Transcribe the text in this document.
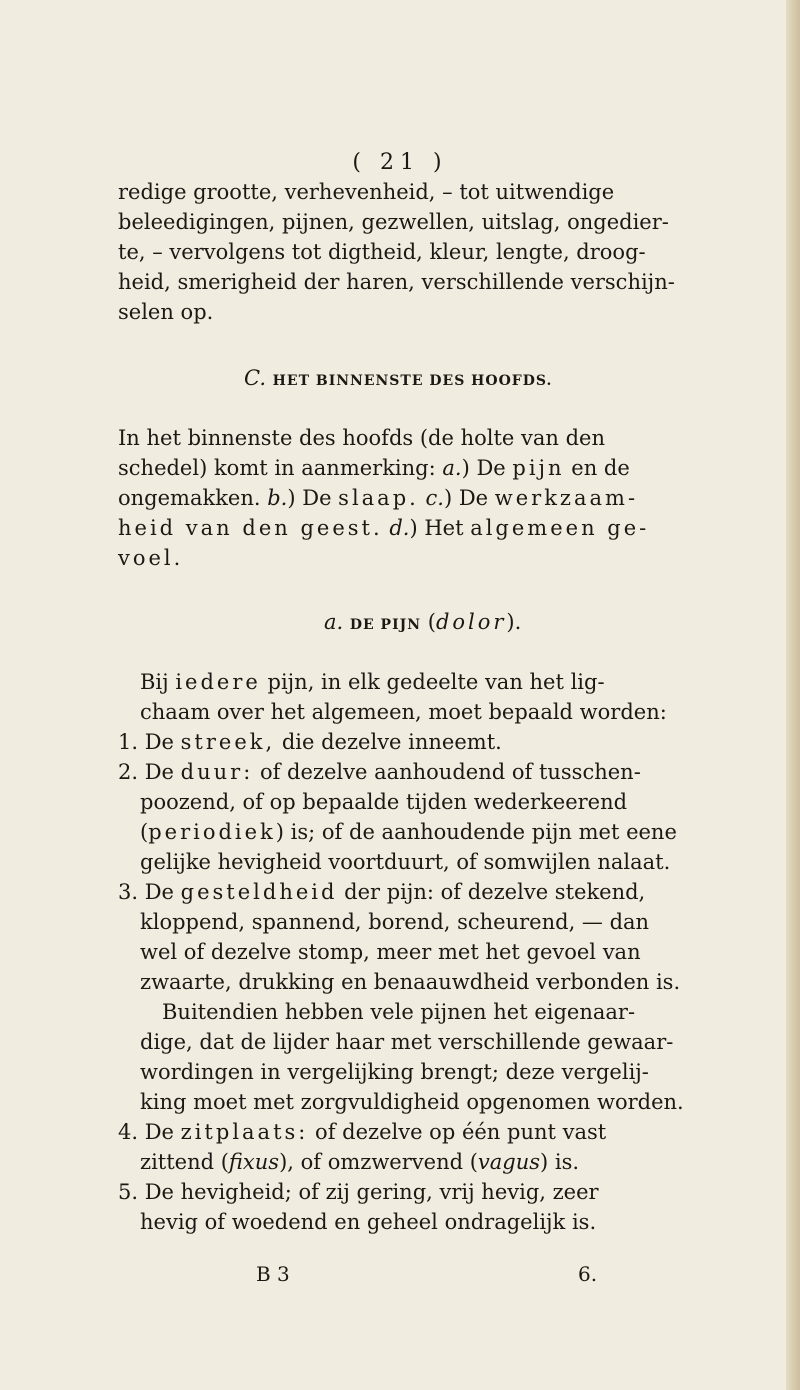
( 21 )
redige grootte, verhevenheid, – tot uitwendige
beleedigingen, pijnen, gezwellen, uitslag, ongedier-
te, – vervolgens tot digtheid, kleur, lengte, droog-
heid, smerigheid der haren, verschillende verschijn-
selen op.
C. HET BINNENSTE DES HOOFDS.
In het binnenste des hoofds (de holte van den
schedel) komt in aanmerking: a.) De pijn en de
ongemakken. b.) De slaap. c.) De werkzaam-
heid van den geest. d.) Het algemeen ge-
voel.
a. DE PIJN (dolor).
Bij iedere pijn, in elk gedeelte van het lig-
chaam over het algemeen, moet bepaald worden:
1. De streek, die dezelve inneemt.
2. De duur: of dezelve aanhoudend of tusschen-
poozend, of op bepaalde tijden wederkeerend
(periodiek) is; of de aanhoudende pijn met eene
gelijke hevigheid voortduurt, of somwijlen nalaat.
3. De gesteldheid der pijn: of dezelve stekend,
kloppend, spannend, borend, scheurend, — dan
wel of dezelve stomp, meer met het gevoel van
zwaarte, drukking en benaauwdheid verbonden is.
Buitendien hebben vele pijnen het eigenaar-
dige, dat de lijder haar met verschillende gewaar-
wordingen in vergelijking brengt; deze vergelij-
king moet met zorgvuldigheid opgenomen worden.
4. De zitplaats: of dezelve op één punt vast
zittend (fixus), of omzwervend (vagus) is.
5. De hevigheid; of zij gering, vrij hevig, zeer
hevig of woedend en geheel ondragelijk is.
B 3	6.
